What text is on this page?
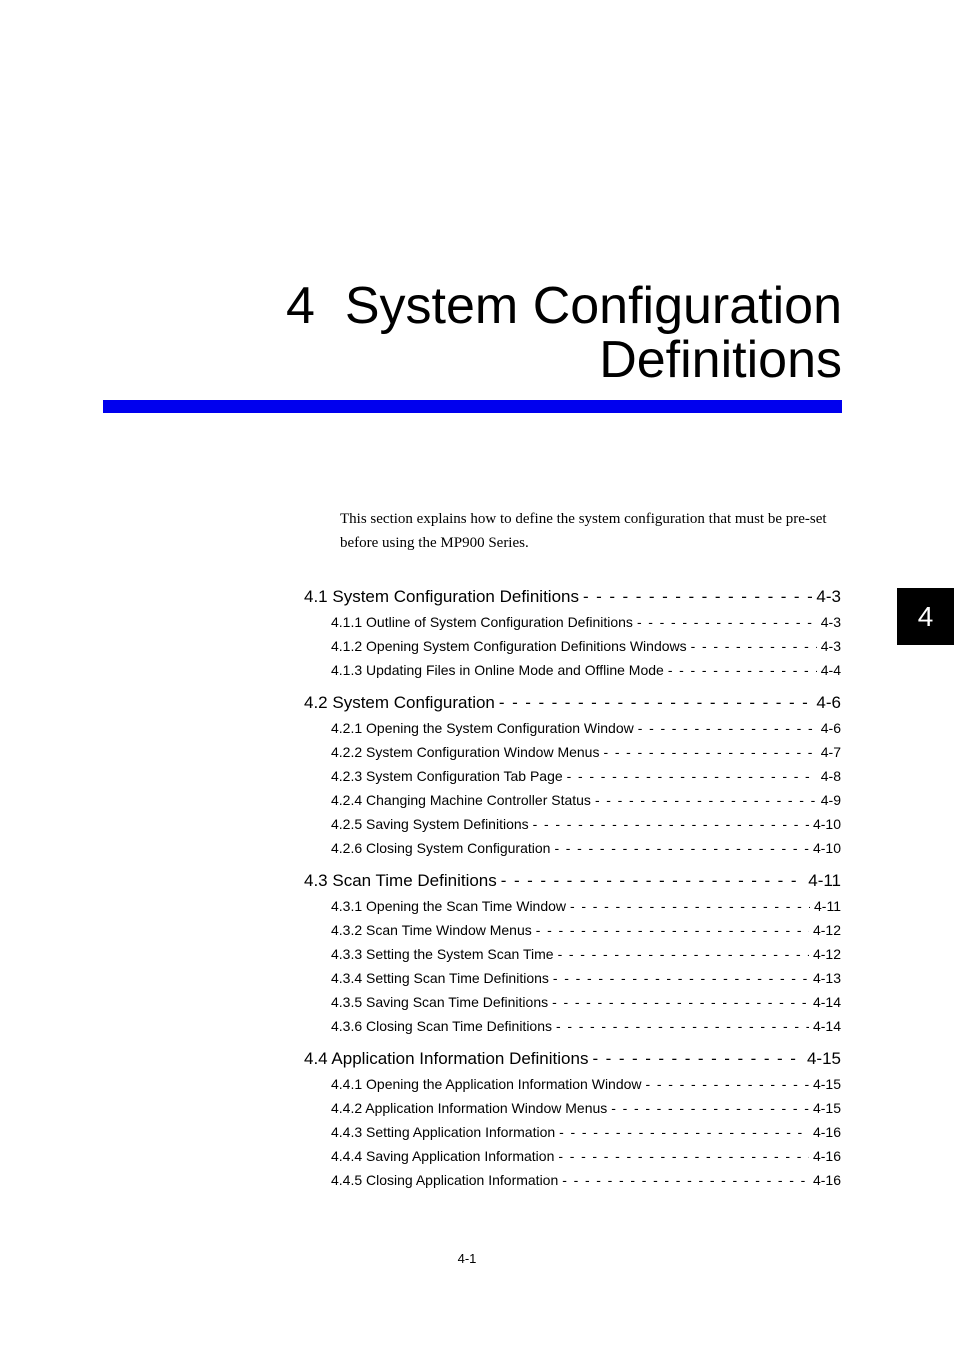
4 System Configuration
Definitions

This section explains how to define the system configuration that must be pre-set before using the MP900 Series.

4
4.1 System Configuration Definitions - - -	4-3
4.1.1 Outline of System Configuration Definitions - - -	4-3
4.1.2 Opening System Configuration Definitions Windows - - -	4-3
4.1.3 Updating Files in Online Mode and Offline Mode - - -	4-4
4.2 System Configuration - - -	4-6
4.2.1 Opening the System Configuration Window - - -	4-6
4.2.2 System Configuration Window Menus - - -	4-7
4.2.3 System Configuration Tab Page - - -	4-8
4.2.4 Changing Machine Controller Status - - -	4-9
4.2.5 Saving System Definitions - - -	4-10
4.2.6 Closing System Configuration - - -	4-10
4.3 Scan Time Definitions - - -	4-11
4.3.1 Opening the Scan Time Window - - -	4-11
4.3.2 Scan Time Window Menus - - -	4-12
4.3.3 Setting the System Scan Time - - -	4-12
4.3.4 Setting Scan Time Definitions - - -	4-13
4.3.5 Saving Scan Time Definitions - - -	4-14
4.3.6 Closing Scan Time Definitions - - -	4-14
4.4 Application Information Definitions - - -	4-15
4.4.1 Opening the Application Information Window - - -	4-15
4.4.2 Application Information Window Menus - - -	4-15
4.4.3 Setting Application Information - - -	4-16
4.4.4 Saving Application Information - - -	4-16
4.4.5 Closing Application Information - - -	4-16
4-1
